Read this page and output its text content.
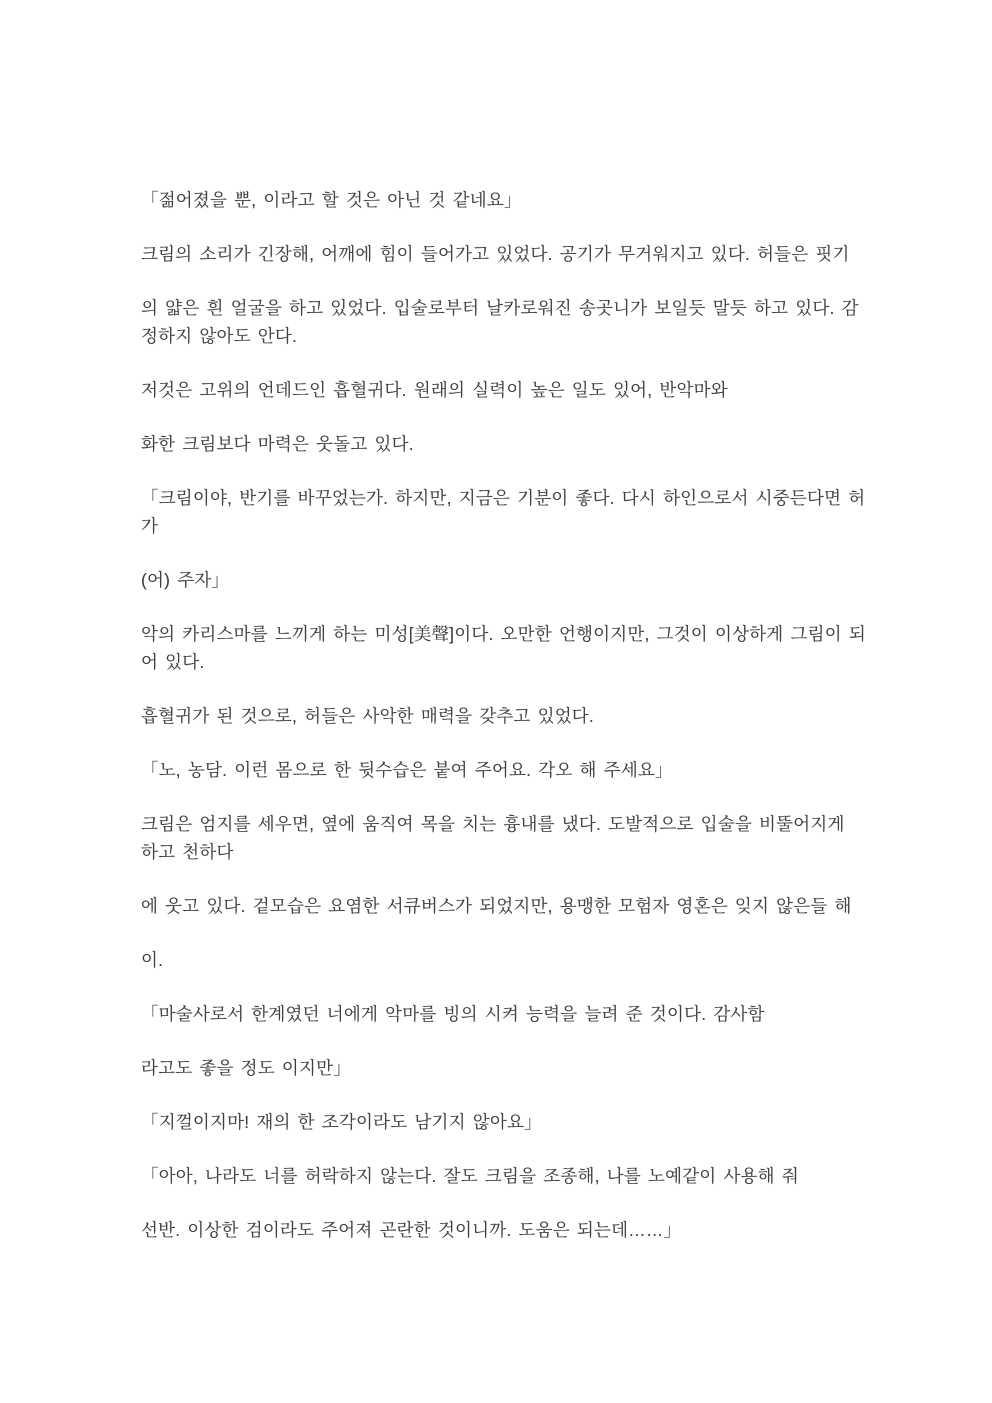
「젊어졌을 뿐, 이라고 할 것은 아닌 것 같네요」
크림의 소리가 긴장해, 어깨에 힘이 들어가고 있었다. 공기가 무거워지고 있다. 허들은 핏기
의 얇은 흰 얼굴을 하고 있었다. 입술로부터 날카로워진 송곳니가 보일듯 말듯 하고 있다. 감
정하지 않아도 안다.
저것은 고위의 언데드인 흡혈귀다. 원래의 실력이 높은 일도 있어, 반악마와
화한 크림보다 마력은 웃돌고 있다.
「크림이야, 반기를 바꾸었는가. 하지만, 지금은 기분이 좋다. 다시 하인으로서 시중든다면 허
가
(어) 주자」
악의 카리스마를 느끼게 하는 미성[美聲]이다. 오만한 언행이지만, 그것이 이상하게 그림이 되
어 있다.
흡혈귀가 된 것으로, 허들은 사악한 매력을 갖추고 있었다.
「노, 농담. 이런 몸으로 한 뒷수습은 붙여 주어요. 각오 해 주세요」
크림은 엄지를 세우면, 옆에 움직여 목을 치는 흉내를 냈다. 도발적으로 입술을 비뚤어지게
하고 천하다
에 웃고 있다. 겉모습은 요염한 서큐버스가 되었지만, 용맹한 모험자 영혼은 잊지 않은들 해
이.
「마술사로서 한계였던 너에게 악마를 빙의 시켜 능력을 늘려 준 것이다. 감사함
라고도 좋을 정도 이지만」
「지껄이지마! 재의 한 조각이라도 남기지 않아요」
「아아, 나라도 너를 허락하지 않는다. 잘도 크림을 조종해, 나를 노예같이 사용해 줘
선반. 이상한 검이라도 주어져 곤란한 것이니까. 도움은 되는데……」
